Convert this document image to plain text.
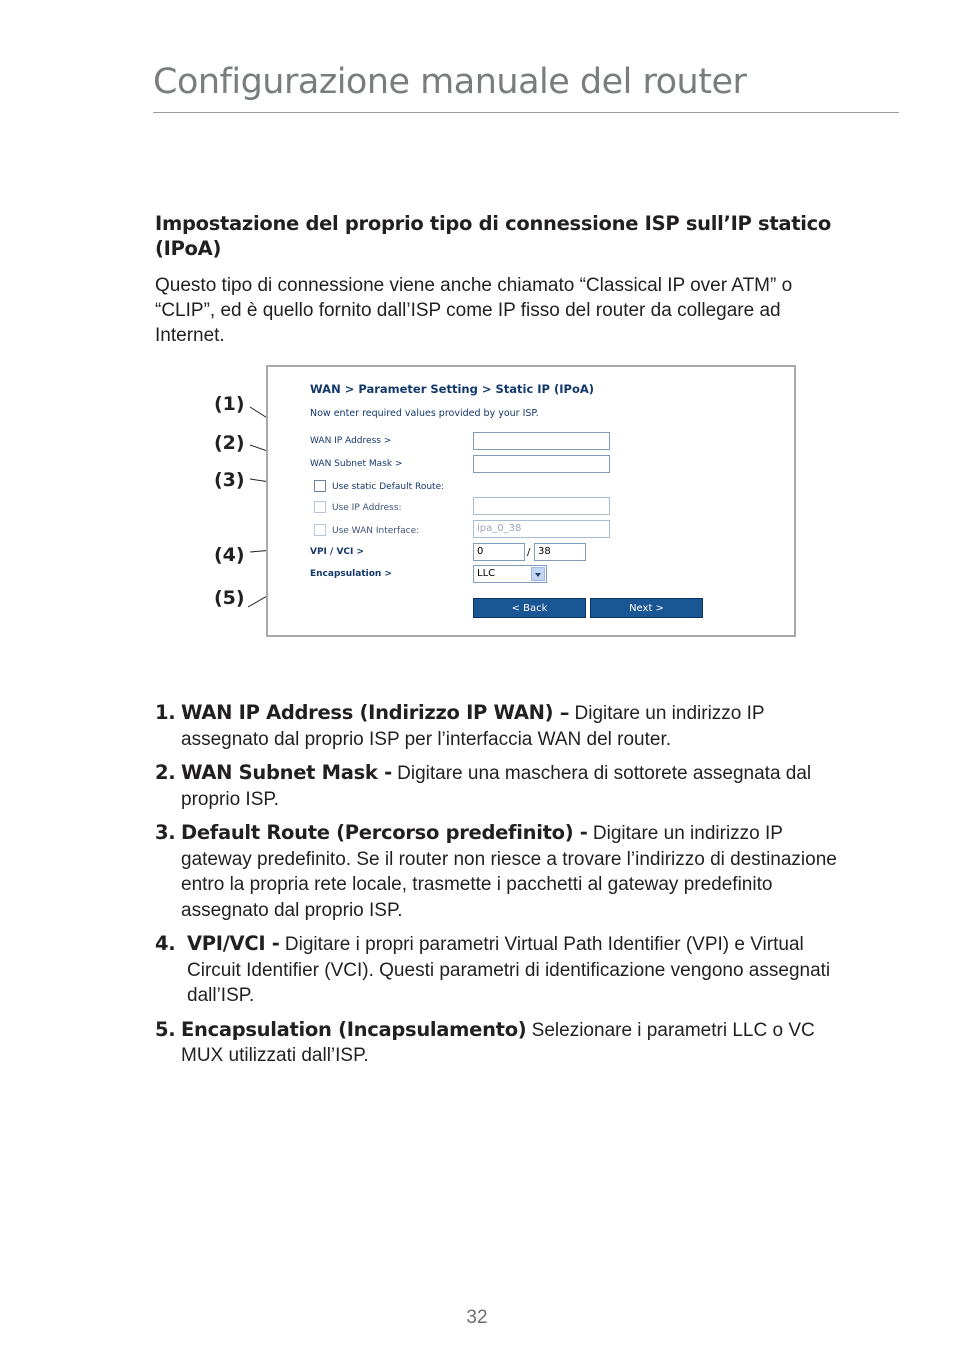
Configurazione manuale del router
Impostazione del proprio tipo di connessione ISP sull’IP statico (IPoA)

Questo tipo di connessione viene anche chiamato “Classical IP over ATM” o “CLIP”, ed è quello fornito dall’ISP come IP fisso del router da collegare ad Internet.

(1)
(2)
(3)
(4)
(5)
WAN > Parameter Setting > Static IP (IPoA)
Now enter required values provided by your ISP.
WAN IP Address >
WAN Subnet Mask >
Use static Default Route:
Use IP Address:
Use WAN Interface:	ipa_0_38
VPI / VCI >	0	/ 38
Encapsulation >	LLC
< Back	Next >
1. WAN IP Address (Indirizzo IP WAN) – Digitare un indirizzo IP assegnato dal proprio ISP per l’interfaccia WAN del router.
2. WAN Subnet Mask - Digitare una maschera di sottorete assegnata dal proprio ISP.
3. Default Route (Percorso predefinito) - Digitare un indirizzo IP gateway predefinito. Se il router non riesce a trovare l’indirizzo di destinazione entro la propria rete locale, trasmette i pacchetti al gateway predefinito assegnato dal proprio ISP.
4. VPI/VCI - Digitare i propri parametri Virtual Path Identifier (VPI) e Virtual Circuit Identifier (VCI). Questi parametri di identificazione vengono assegnati dall’ISP.
5. Encapsulation (Incapsulamento) Selezionare i parametri LLC o VC MUX utilizzati dall’ISP.
32
